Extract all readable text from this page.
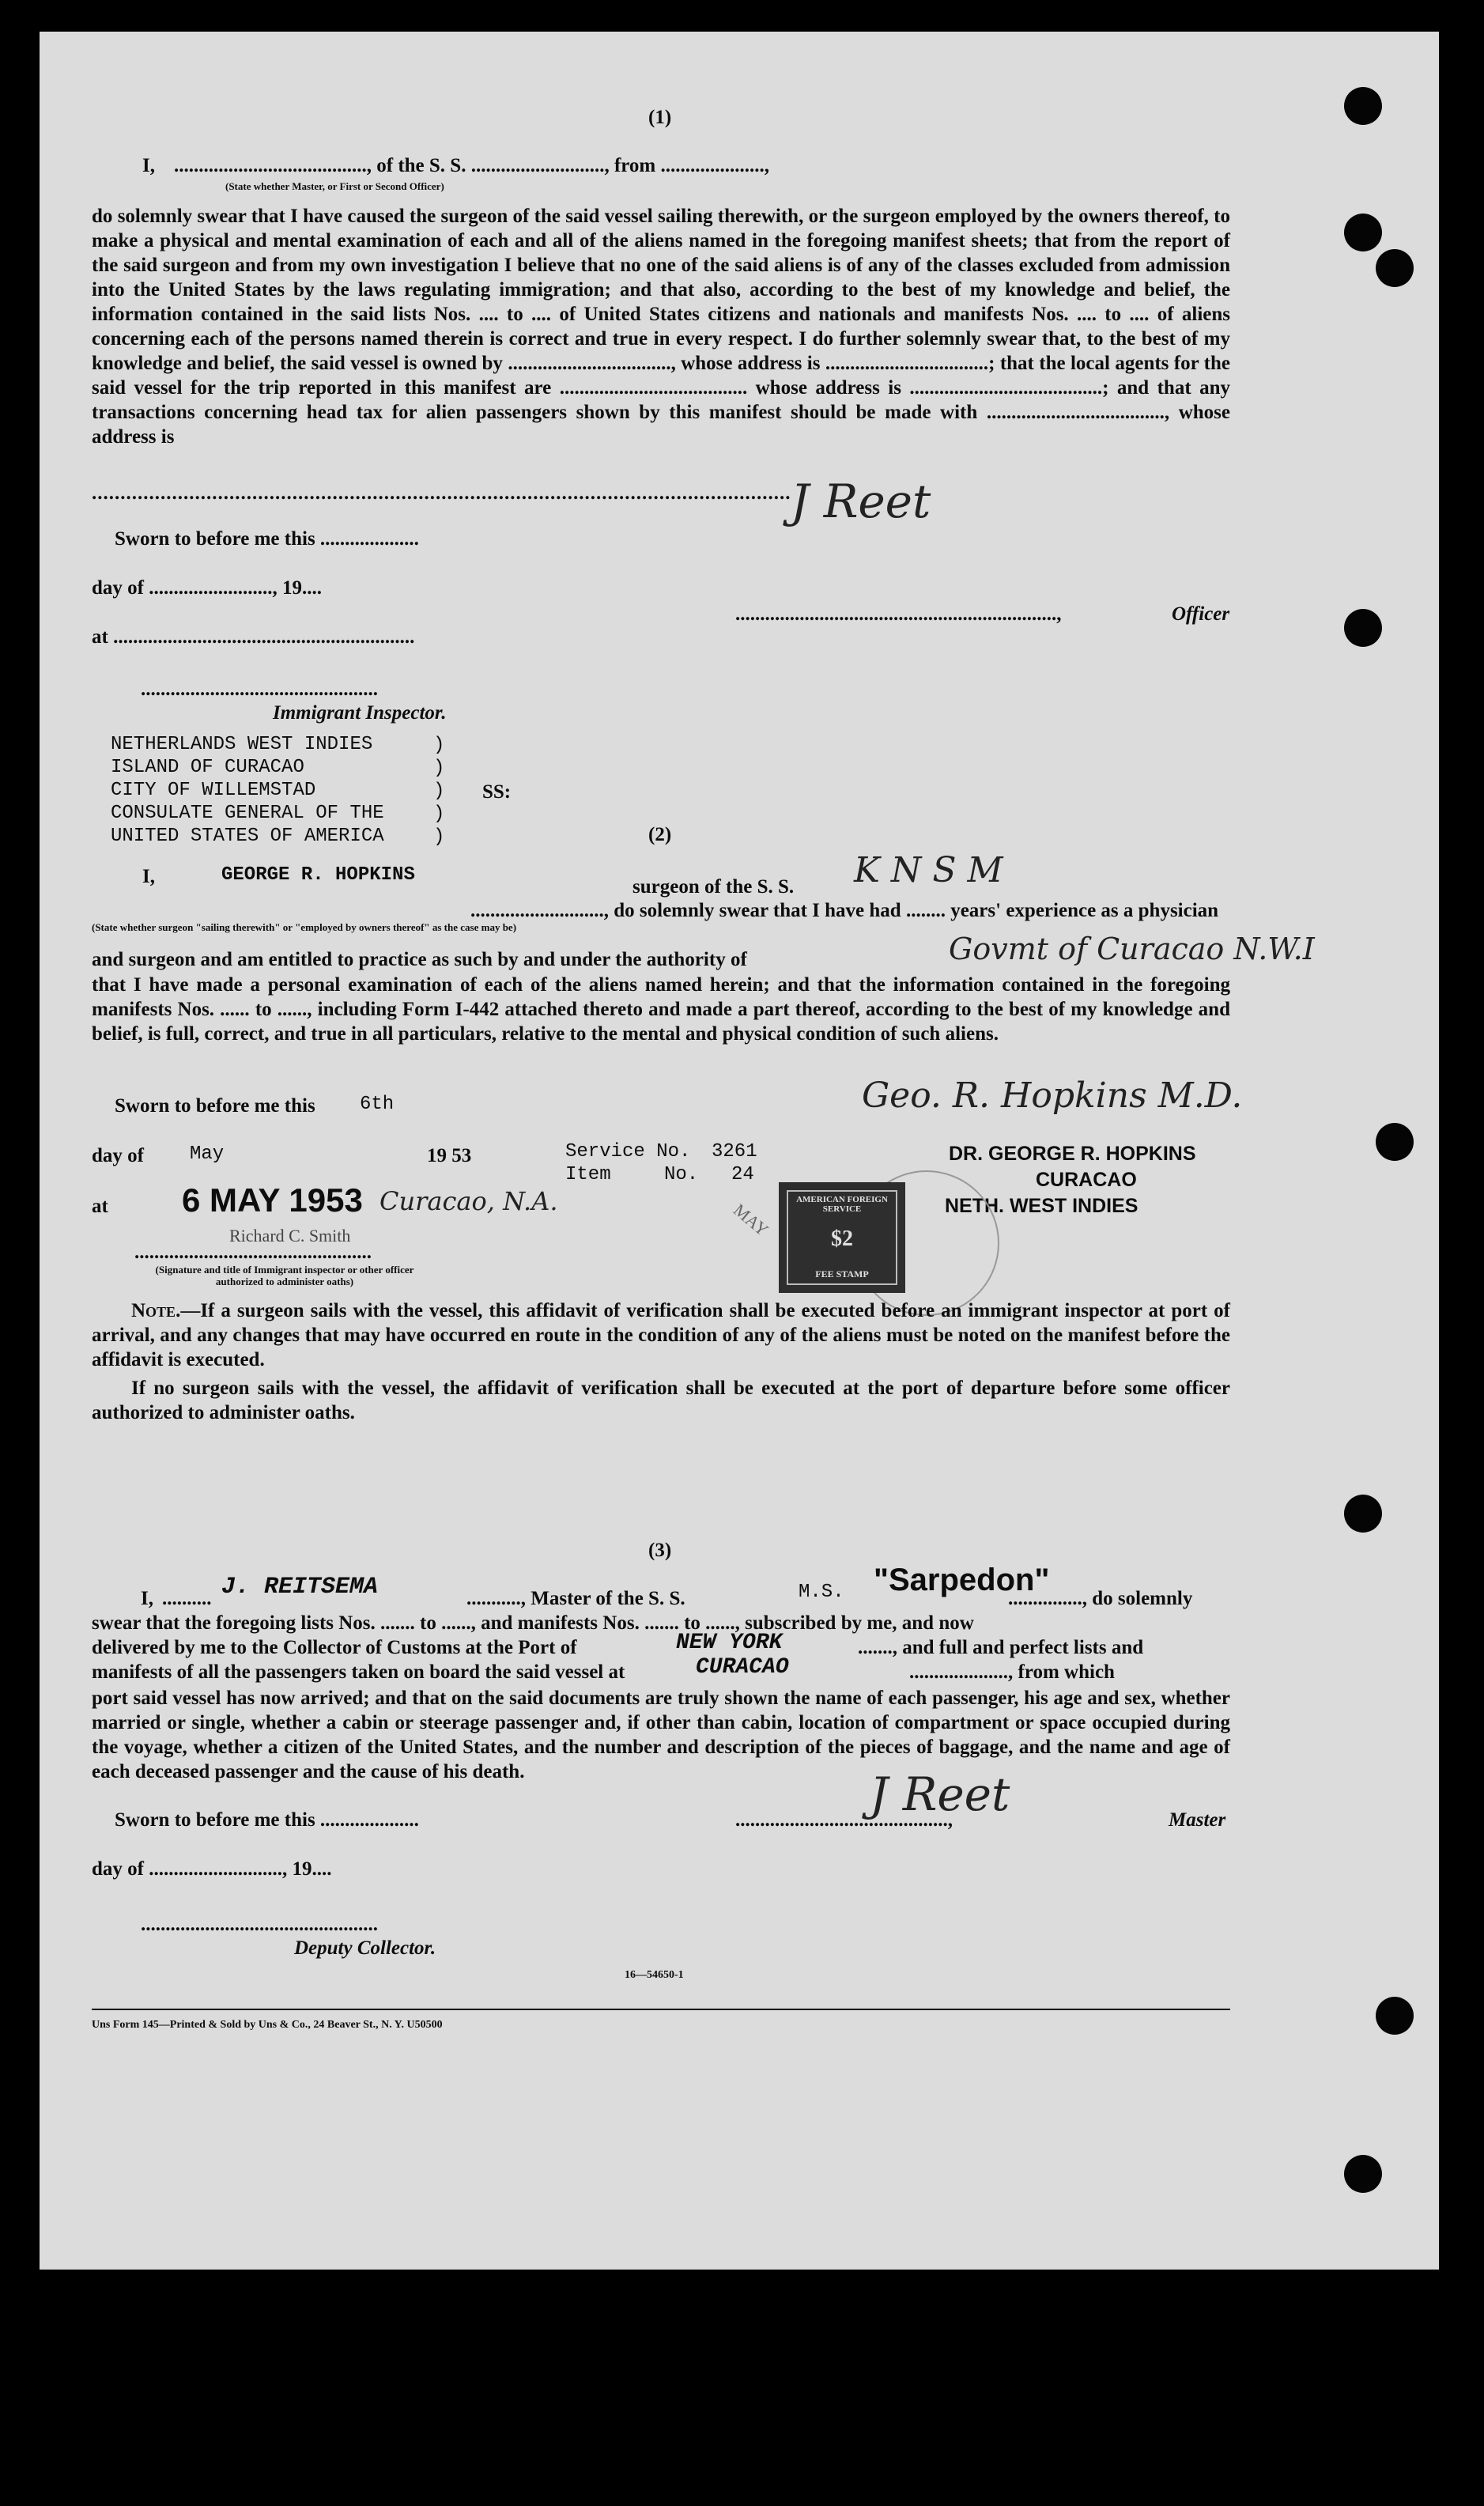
(1)
I, ......................................., of the S. S. ..........................., from .....................,
(State whether Master, or First or Second Officer)
do solemnly swear that I have caused the surgeon of the said vessel sailing therewith, or the surgeon employed by the owners thereof, to make a physical and mental examination of each and all of the aliens named in the foregoing manifest sheets; that from the report of the said surgeon and from my own investigation I believe that no one of the said aliens is of any of the classes excluded from admission into the United States by the laws regulating immigration; and that also, according to the best of my knowledge and belief, the information contained in the said lists Nos. .... to .... of United States citizens and nationals and manifests Nos. .... to .... of aliens concerning each of the persons named therein is correct and true in every respect. I do further solemnly swear that, to the best of my knowledge and belief, the said vessel is owned by ................................., whose address is .................................; that the local agents for the said vessel for the trip reported in this manifest are ...................................... whose address is .......................................; and that any transactions concerning head tax for alien passengers shown by this manifest should be made with ...................................., whose address is
.......................................................................................................................... J Reet
Sworn to before me this ....................
day of ........................., 19....
.................................................................,	Officer
at .............................................................
................................................
Immigrant Inspector.
NETHERLANDS WEST INDIES
ISLAND OF CURACAO
CITY OF WILLEMSTAD
CONSULATE GENERAL OF THE
UNITED STATES OF AMERICA
)
)
)
)
)
SS:
(2)
I,	GEORGE R. HOPKINS
surgeon of the S. S. K N S M
..........................., do solemnly swear that I have had ........ years' experience as a physician
(State whether surgeon "sailing therewith" or "employed by owners thereof" as the case may be)
and surgeon and am entitled to practice as such by and under the authority of	Govmt of Curacao N.W.I
that I have made a personal examination of each of the aliens named herein; and that the information contained in the foregoing manifests Nos. ...... to ......, including Form I-442 attached thereto and made a part thereof, according to the best of my knowledge and belief, is full, correct, and true in all particulars, relative to the mental and physical condition of such aliens.
Sworn to before me this 6th	Geo. R. Hopkins M.D.
day of May	19 53	Service No. 3261
Item	No. 24
DR. GEORGE R. HOPKINS
CURACAO
NETH. WEST INDIES
at 6 MAY 1953 Curacao, N.A.
Richard C. Smith
................................................
(Signature and title of Immigrant inspector or other officer authorized to administer oaths)
MAY
AMERICAN FOREIGN SERVICE
$2
FEE STAMP
Note.—If a surgeon sails with the vessel, this affidavit of verification shall be executed before an immigrant inspector at port of arrival, and any changes that may have occurred en route in the condition of any of the aliens must be noted on the manifest before the affidavit is executed.
If no surgeon sails with the vessel, the affidavit of verification shall be executed at the port of departure before some officer authorized to administer oaths.
(3)
I, .......... J. REITSEMA	..........., Master of the S. S.	M.S. "Sarpedon"
..............., do solemnly
swear that the foregoing lists Nos. ....... to ......, and manifests Nos. ....... to ......, subscribed by me, and now
delivered by me to the Collector of Customs at the Port of	NEW YORK	......., and full and perfect lists and
manifests of all the passengers taken on board the said vessel at	CURACAO	...................., from which
port said vessel has now arrived; and that on the said documents are truly shown the name of each passenger, his age and sex, whether married or single, whether a cabin or steerage passenger and, if other than cabin, location of compartment or space occupied during the voyage, whether a citizen of the United States, and the number and description of the pieces of baggage, and the name and age of each deceased passenger and the cause of his death.	J Reet
Sworn to before me this ....................	...........................................,	Master
day of ..........................., 19....
................................................
Deputy Collector.
16—54650-1
Uns Form 145—Printed & Sold by Uns & Co., 24 Beaver St., N. Y. U50500
